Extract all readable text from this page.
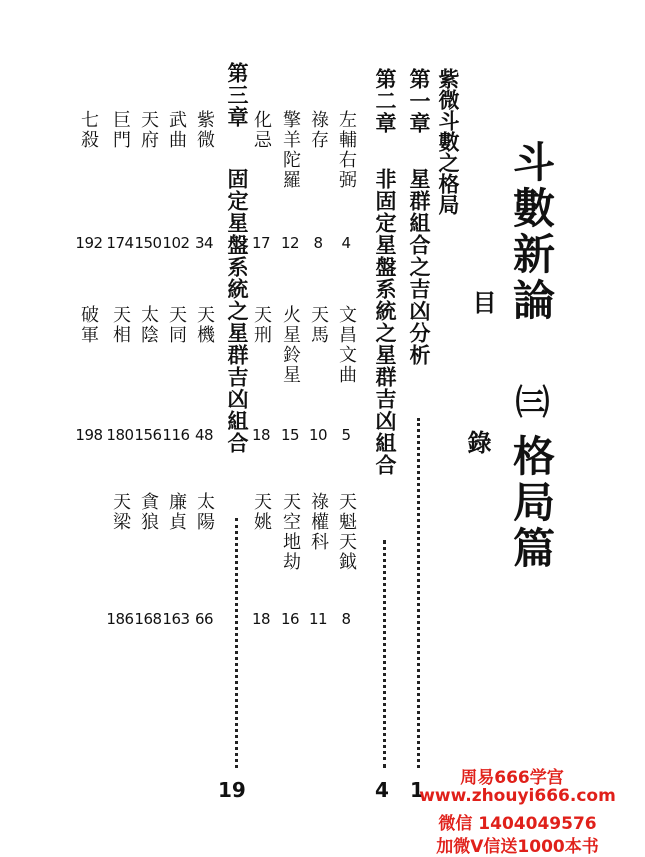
斗數新論
㈢
格局篇
目
錄
紫微斗數之格局
第一章
星群組合之吉凶分析
1
第二章
非固定星盤系統之星群吉凶組合
4
左輔右弼
4
文昌文曲
5
天魁天鉞
8
祿存
8
天馬
10
祿權科
11
擎羊陀羅
12
火星鈴星
15
天空地劫
16
化忌
17
天刑
18
天姚
18
第三章
固定星盤系統之星群吉凶組合
19
紫微
34
天機
48
太陽
66
武曲
102
天同
116
廉貞
163
天府
150
太陰
156
貪狼
168
巨門
174
天相
180
天梁
186
七殺
192
破軍
198
周易666学宫
www.zhouyi666.com
微信 1404049576
加微V信送1000本书
